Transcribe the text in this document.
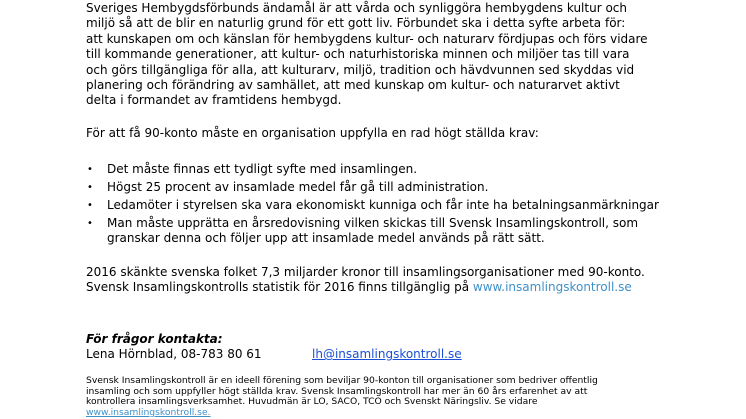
Sveriges Hembygdsförbunds ändamål är att vårda och synliggöra hembygdens kultur och
miljö så att de blir en naturlig grund för ett gott liv. Förbundet ska i detta syfte arbeta för:
att kunskapen om och känslan för hembygdens kultur- och naturarv fördjupas och förs vidare
till kommande generationer, att kultur- och naturhistoriska minnen och miljöer tas till vara
och görs tillgängliga för alla, att kulturarv, miljö, tradition och hävdvunnen sed skyddas vid
planering och förändring av samhället, att med kunskap om kultur- och naturarvet aktivt
delta i formandet av framtidens hembygd.

För att få 90-konto måste en organisation uppfylla en rad högt ställda krav:

• Det måste finnas ett tydligt syfte med insamlingen.
• Högst 25 procent av insamlade medel får gå till administration.
• Ledamöter i styrelsen ska vara ekonomiskt kunniga och får inte ha betalningsanmärkningar
• Man måste upprätta en årsredovisning vilken skickas till Svensk Insamlingskontroll, som
granskar denna och följer upp att insamlade medel används på rätt sätt.

2016 skänkte svenska folket 7,3 miljarder kronor till insamlingsorganisationer med 90-konto.
Svensk Insamlingskontrolls statistik för 2016 finns tillgänglig på www.insamlingskontroll.se

För frågor kontakta:
Lena Hörnblad, 08-783 80 61	lh@insamlingskontroll.se
Svensk Insamlingskontroll är en ideell förening som beviljar 90-konton till organisationer som bedriver offentlig
insamling och som uppfyller högt ställda krav. Svensk Insamlingskontroll har mer än 60 års erfarenhet av att
kontrollera insamlingsverksamhet. Huvudmän är LO, SACO, TCO och Svenskt Näringsliv. Se vidare
www.insamlingskontroll.se.
